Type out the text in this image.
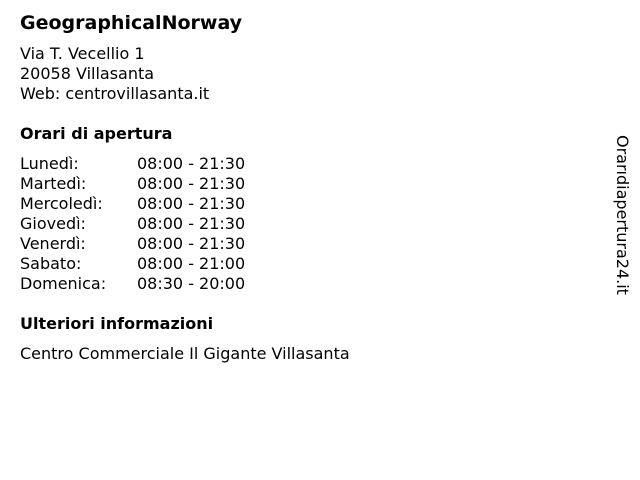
GeographicalNorway
Via T. Vecellio 1
20058 Villasanta
Web: centrovillasanta.it
Orari di apertura
Lunedì:	08:00 - 21:30
Martedì:	08:00 - 21:30
Mercoledì:	08:00 - 21:30
Giovedì:	08:00 - 21:30
Venerdì:	08:00 - 21:30
Sabato:	08:00 - 21:00
Domenica:	08:30 - 20:00
Ulteriori informazioni
Centro Commerciale Il Gigante Villasanta
Orarıdiapertura24.it
